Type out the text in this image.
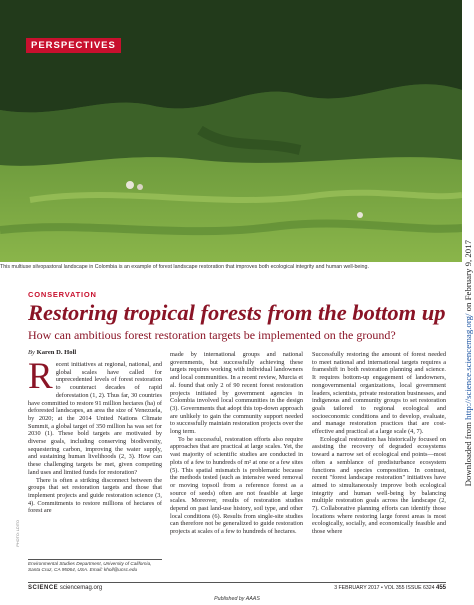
PERSPECTIVES
This multiuse silvopastoral landscape in Colombia is an example of forest landscape restoration that improves both ecological integrity and human well-being.
Downloaded from http://science.sciencemag.org/ on February 9, 2017
CONSERVATION
Restoring tropical forests from the bottom up
How can ambitious forest restoration targets be implemented on the ground?
By Karen D. Holl

Recent initiatives at regional, national, and global scales have called for unprecedented levels of forest restoration to counteract decades of rapid deforestation (1, 2). Thus far, 30 countries have committed to restore 91 million hectares (ha) of deforested landscapes, an area the size of Venezuela, by 2020; at the 2014 United Nations Climate Summit, a global target of 350 million ha was set for 2030 (1). These bold targets are motivated by diverse goals, including conserving biodiversity, sequestering carbon, improving the water supply, and sustaining human livelihoods (2, 3). How can these challenging targets be met, given competing land uses and limited funds for restoration?

There is often a striking disconnect between the groups that set restoration targets and those that implement projects and guide restoration science (3, 4). Commitments to restore millions of hectares of forest are

made by international groups and national governments, but successfully achieving these targets requires working with individual landowners and local communities. In a recent review, Murcia et al. found that only 2 of 90 recent forest restoration projects initiated by government agencies in Colombia involved local communities in the design (3). Governments that adopt this top-down approach are unlikely to gain the community support needed to successfully maintain restoration projects over the long term.

To be successful, restoration efforts also require approaches that are practical at large scales. Yet, the vast majority of scientific studies are conducted in plots of a few to hundreds of m² at one or a few sites (5). This spatial mismatch is problematic because the methods tested (such as intensive weed removal or moving topsoil from a reference forest as a source of seeds) often are not feasible at large scales. Moreover, results of restoration studies depend on past land-use history, soil type, and other local conditions (6). Results from single-site studies can therefore not be generalized to guide restoration projects at scales of a few to hundreds of hectares.

Successfully restoring the amount of forest needed to meet national and international targets requires a frameshift in both restoration planning and science. It requires bottom-up engagement of landowners, nongovernmental organizations, local government leaders, scientists, private restoration businesses, and indigenous and community groups to set restoration goals tailored to regional ecological and socioeconomic conditions and to develop, evaluate, and manage restoration practices that are cost-effective and practical at a large scale (4, 7).

Ecological restoration has historically focused on assisting the recovery of degraded ecosystems toward a narrow set of ecological end points—most often a semblance of predisturbance ecosystem functions and species composition. In contrast, recent "forest landscape restoration" initiatives have aimed to simultaneously improve both ecological integrity and human well-being by balancing multiple restoration goals across the landscape (2, 7). Collaborative planning efforts can identify those locations where restoring large forest areas is most ecologically, socially, and economically feasible and those where

PHOTO: LDITO
Environmental Studies Department, University of California, Santa Cruz, CA 95064, USA. Email: kholl@ucsc.edu
SCIENCE sciencemag.org	3 FEBRUARY 2017 • VOL 355 ISSUE 6324 455
Published by AAAS
